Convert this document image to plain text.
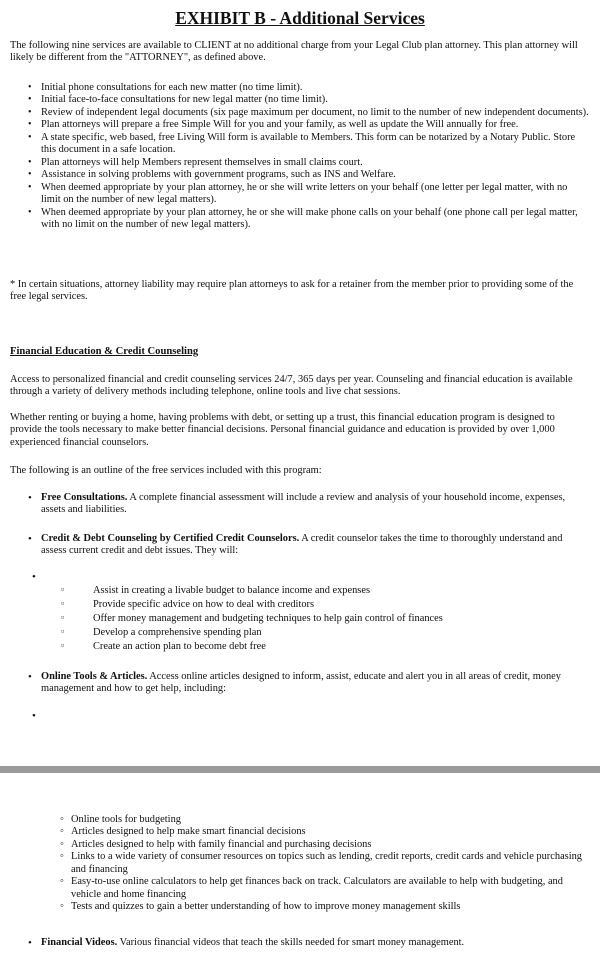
EXHIBIT B - Additional Services

The following nine services are available to CLIENT at no additional charge from your Legal Club plan attorney. This plan attorney will likely be different from the "ATTORNEY", as defined above.

• Initial phone consultations for each new matter (no time limit).
• Initial face-to-face consultations for new legal matter (no time limit).
• Review of independent legal documents (six page maximum per document, no limit to the number of new independent documents).
• Plan attorneys will prepare a free Simple Will for you and your family, as well as update the Will annually for free.
• A state specific, web based, free Living Will form is available to Members. This form can be notarized by a Notary Public. Store this document in a safe location.
• Plan attorneys will help Members represent themselves in small claims court.
• Assistance in solving problems with government programs, such as INS and Welfare.
• When deemed appropriate by your plan attorney, he or she will write letters on your behalf (one letter per legal matter, with no limit on the number of new legal matters).
• When deemed appropriate by your plan attorney, he or she will make phone calls on your behalf (one phone call per legal matter, with no limit on the number of new legal matters).

* In certain situations, attorney liability may require plan attorneys to ask for a retainer from the member prior to providing some of the free legal services.

Financial Education & Credit Counseling

Access to personalized financial and credit counseling services 24/7, 365 days per year. Counseling and financial education is available through a variety of delivery methods including telephone, online tools and live chat sessions.

Whether renting or buying a home, having problems with debt, or setting up a trust, this financial education program is designed to provide the tools necessary to make better financial decisions. Personal financial guidance and education is provided by over 1,000 experienced financial counselors.

The following is an outline of the free services included with this program:

• Free Consultations. A complete financial assessment will include a review and analysis of your household income, expenses, assets and liabilities.

• Credit & Debt Counseling by Certified Credit Counselors. A credit counselor takes the time to thoroughly understand and assess current credit and debt issues. They will:

•
▫ Assist in creating a livable budget to balance income and expenses
▫ Provide specific advice on how to deal with creditors
▫ Offer money management and budgeting techniques to help gain control of finances
▫ Develop a comprehensive spending plan
▫ Create an action plan to become debt free
• Online Tools & Articles. Access online articles designed to inform, assist, educate and alert you in all areas of credit, money management and how to get help, including:

•
◦ Online tools for budgeting
◦ Articles designed to help make smart financial decisions
◦ Articles designed to help with family financial and purchasing decisions
◦ Links to a wide variety of consumer resources on topics such as lending, credit reports, credit cards and vehicle purchasing and financing
◦ Easy-to-use online calculators to help get finances back on track. Calculators are available to help with budgeting, and vehicle and home financing
◦ Tests and quizzes to gain a better understanding of how to improve money management skills
• Financial Videos. Various financial videos that teach the skills needed for smart money management.
